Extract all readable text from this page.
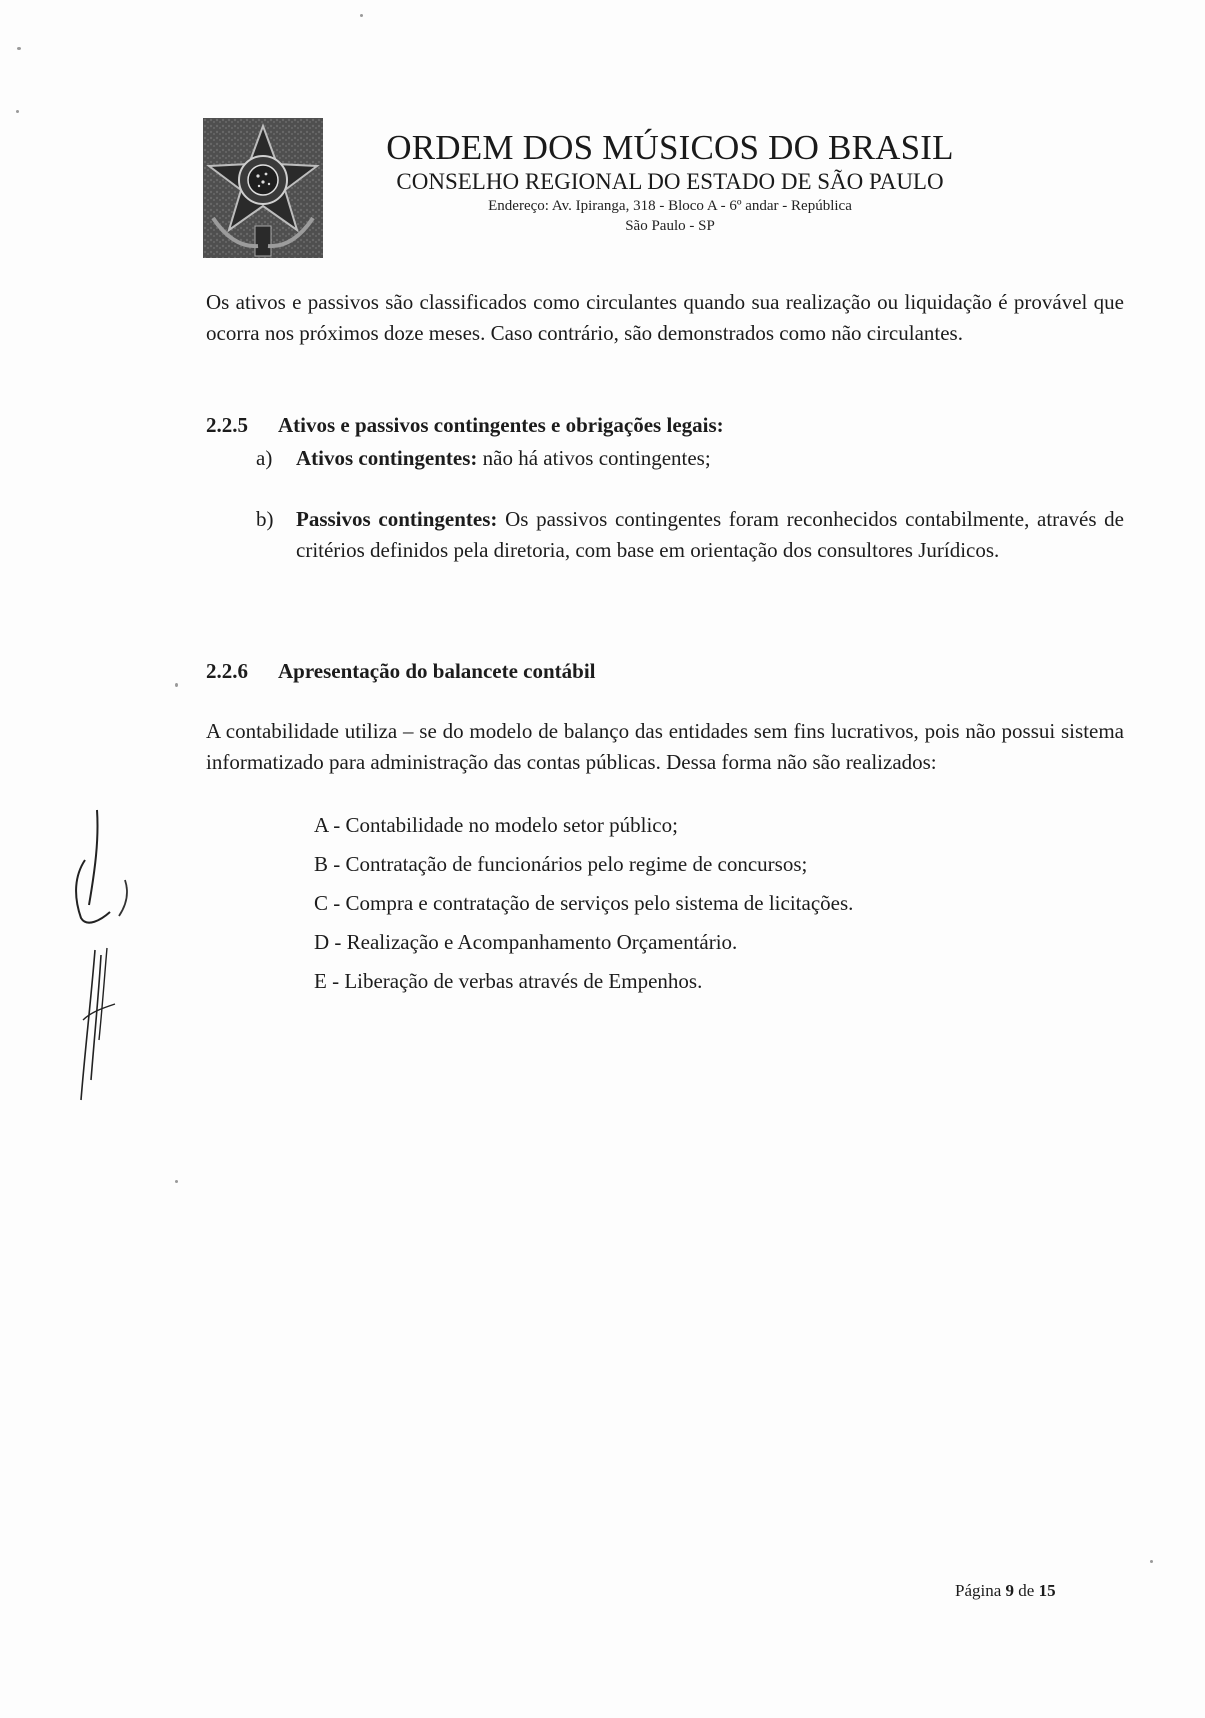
ORDEM DOS MÚSICOS DO BRASIL
CONSELHO REGIONAL DO ESTADO DE SÃO PAULO
Endereço: Av. Ipiranga, 318 - Bloco A - 6º andar - República
São Paulo - SP
Os ativos e passivos são classificados como circulantes quando sua realização ou liquidação é provável que ocorra nos próximos doze meses. Caso contrário, são demonstrados como não circulantes.
2.2.5 Ativos e passivos contingentes e obrigações legais:
a) Ativos contingentes: não há ativos contingentes;
b) Passivos contingentes: Os passivos contingentes foram reconhecidos contabilmente, através de critérios definidos pela diretoria, com base em orientação dos consultores Jurídicos.
2.2.6 Apresentação do balancete contábil
A contabilidade utiliza – se do modelo de balanço das entidades sem fins lucrativos, pois não possui sistema informatizado para administração das contas públicas. Dessa forma não são realizados:
A - Contabilidade no modelo setor público;
B - Contratação de funcionários pelo regime de concursos;
C - Compra e contratação de serviços pelo sistema de licitações.
D - Realização e Acompanhamento Orçamentário.
E - Liberação de verbas através de Empenhos.
Página 9 de 15
